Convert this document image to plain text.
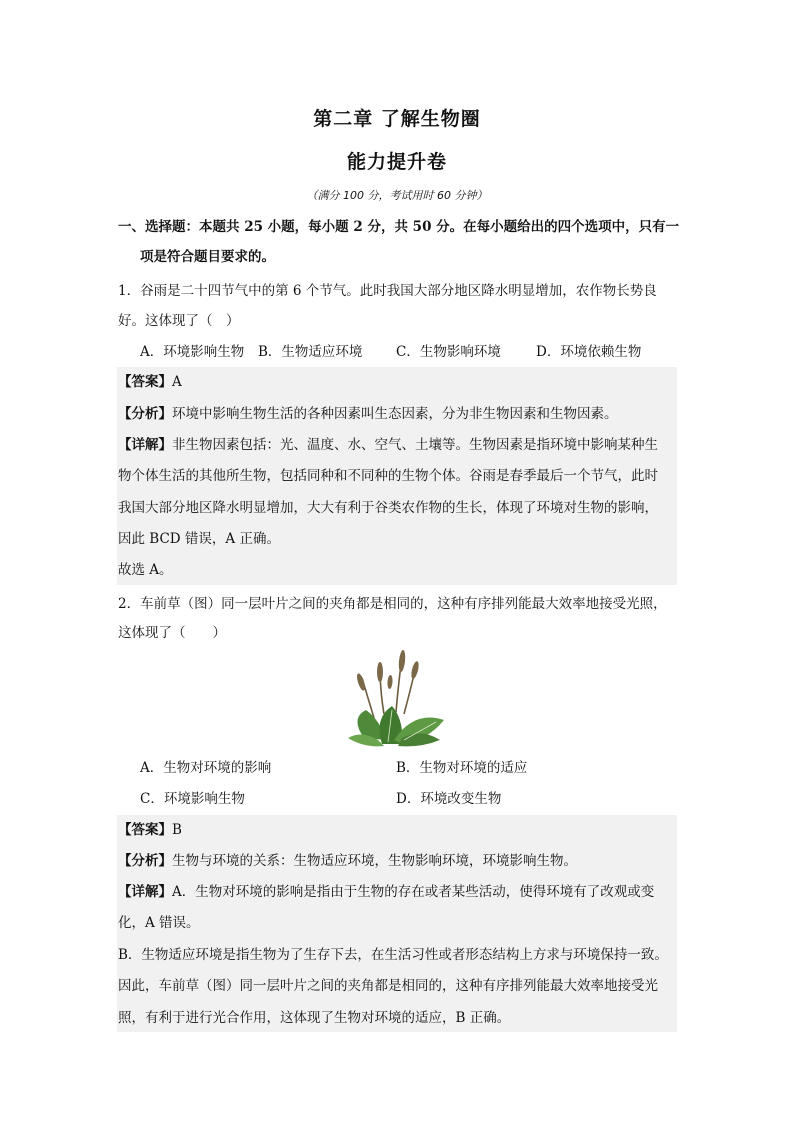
第二章 了解生物圈
能力提升卷
（满分 100 分，考试用时 60 分钟）
一、选择题：本题共 25 小题，每小题 2 分，共 50 分。在每小题给出的四个选项中，只有一
项是符合题目要求的。
1．谷雨是二十四节气中的第 6 个节气。此时我国大部分地区降水明显增加，农作物长势良
好。这体现了（　）
A．环境影响生物 B．生物适应环境 C．生物影响环境	D．环境依赖生物
【答案】A
【分析】环境中影响生物生活的各种因素叫生态因素，分为非生物因素和生物因素。
【详解】非生物因素包括：光、温度、水、空气、土壤等。生物因素是指环境中影响某种生
物个体生活的其他所生物，包括同种和不同种的生物个体。谷雨是春季最后一个节气，此时
我国大部分地区降水明显增加，大大有利于谷类农作物的生长，体现了环境对生物的影响，
因此 BCD 错误，A 正确。
故选 A。
2．车前草（图）同一层叶片之间的夹角都是相同的，这种有序排列能最大效率地接受光照，
这体现了（　　）
A．生物对环境的影响	B．生物对环境的适应
C．环境影响生物	D．环境改变生物
【答案】B
【分析】生物与环境的关系：生物适应环境，生物影响环境，环境影响生物。
【详解】A．生物对环境的影响是指由于生物的存在或者某些活动，使得环境有了改观或变
化，A 错误。
B．生物适应环境是指生物为了生存下去，在生活习性或者形态结构上方求与环境保持一致。
因此，车前草（图）同一层叶片之间的夹角都是相同的，这种有序排列能最大效率地接受光
照，有利于进行光合作用，这体现了生物对环境的适应，B 正确。
